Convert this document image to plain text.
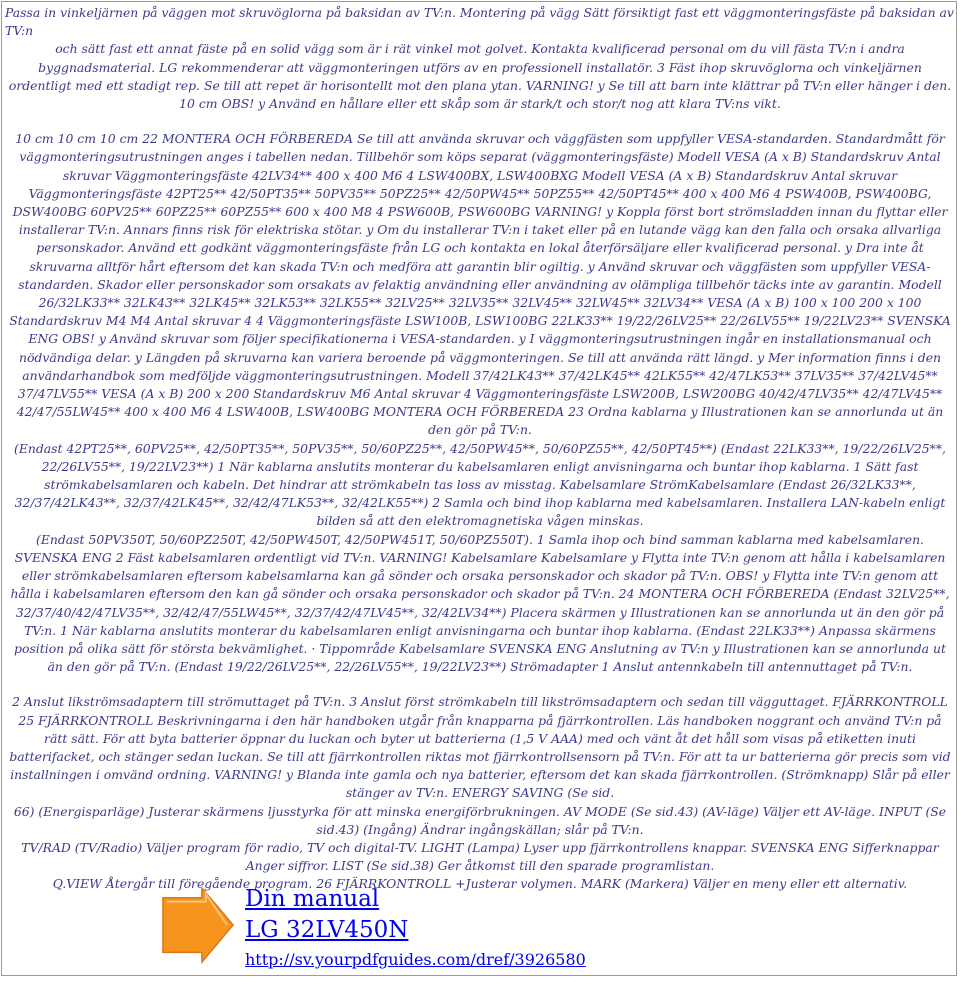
Passa in vinkeljärnen på väggen mot skruvöglorna på baksidan av TV:n. Montering på vägg Sätt försiktigt fast ett väggmonteringsfäste på baksidan av TV:n
och sätt fast ett annat fäste på en solid vägg som är i rät vinkel mot golvet. Kontakta kvalificerad personal om du vill fästa TV:n i andra byggnadsmaterial. LG rekommenderar att väggmonteringen utförs av en professionell installatör. 3 Fäst ihop skruvöglorna och vinkeljärnen ordentligt med ett stadigt rep. Se till att repet är horisontellt mot den plana ytan. VARNING! y Se till att barn inte klättrar på TV:n eller hänger i den. 10 cm OBS! y Använd en hållare eller ett skåp som är stark/t och stor/t nog att klara TV:ns vikt.
10 cm 10 cm 10 cm 22 MONTERA OCH FÖRBEREDA Se till att använda skruvar och väggfästen som uppfyller VESA-standarden. Standardmått för väggmonteringsutrustningen anges i tabellen nedan. Tillbehör som köps separat (väggmonteringsfäste) Modell VESA (A x B) Standardskruv Antal skruvar Väggmonteringsfäste 42LV34** 400 x 400 M6 4 LSW400BX, LSW400BXG Modell VESA (A x B) Standardskruv Antal skruvar Väggmonteringsfäste 42PT25** 42/50PT35** 50PV35** 50PZ25** 42/50PW45** 50PZ55** 42/50PT45** 400 x 400 M6 4 PSW400B, PSW400BG, DSW400BG 60PV25** 60PZ25** 60PZ55** 600 x 400 M8 4 PSW600B, PSW600BG VARNING! y Koppla först bort strömsladden innan du flyttar eller installerar TV:n. Annars finns risk för elektriska stötar. y Om du installerar TV:n i taket eller på en lutande vägg kan den falla och orsaka allvarliga personskador. Använd ett godkänt väggmonteringsfäste från LG och kontakta en lokal återförsäljare eller kvalificerad personal. y Dra inte åt skruvarna alltför hårt eftersom det kan skada TV:n och medföra att garantin blir ogiltig. y Använd skruvar och väggfästen som uppfyller VESA-standarden. Skador eller personskador som orsakats av felaktig användning eller användning av olämpliga tillbehör täcks inte av garantin. Modell 26/32LK33** 32LK43** 32LK45** 32LK53** 32LK55** 32LV25** 32LV35** 32LV45** 32LW45** 32LV34** VESA (A x B) 100 x 100 200 x 100 Standardskruv M4 M4 Antal skruvar 4 4 Väggmonteringsfäste LSW100B, LSW100BG 22LK33** 19/22/26LV25** 22/26LV55** 19/22LV23** SVENSKA ENG OBS! y Använd skruvar som följer specifikationerna i VESA-standarden. y I väggmonteringsutrustningen ingår en installationsmanual och nödvändiga delar. y Längden på skruvarna kan variera beroende på väggmonteringen. Se till att använda rätt längd. y Mer information finns i den användarhandbok som medföljde väggmonteringsutrustningen. Modell 37/42LK43** 37/42LK45** 42LK55** 42/47LK53** 37LV35** 37/42LV45** 37/47LV55** VESA (A x B) 200 x 200 Standardskruv M6 Antal skruvar 4 Väggmonteringsfäste LSW200B, LSW200BG 40/42/47LV35** 42/47LV45** 42/47/55LW45** 400 x 400 M6 4 LSW400B, LSW400BG MONTERA OCH FÖRBEREDA 23 Ordna kablarna y Illustrationen kan se annorlunda ut än den gör på TV:n.
(Endast 42PT25**, 60PV25**, 42/50PT35**, 50PV35**, 50/60PZ25**, 42/50PW45**, 50/60PZ55**, 42/50PT45**) (Endast 22LK33**, 19/22/26LV25**, 22/26LV55**, 19/22LV23**) 1 När kablarna anslutits monterar du kabelsamlaren enligt anvisningarna och buntar ihop kablarna. 1 Sätt fast strömkabelsamlaren och kabeln. Det hindrar att strömkabeln tas loss av misstag. Kabelsamlare StrömKabelsamlare (Endast 26/32LK33**, 32/37/42LK43**, 32/37/42LK45**, 32/42/47LK53**, 32/42LK55**) 2 Samla och bind ihop kablarna med kabelsamlaren. Installera LAN-kabeln enligt bilden så att den elektromagnetiska vågen minskas.
(Endast 50PV350T, 50/60PZ250T, 42/50PW450T, 42/50PW451T, 50/60PZ550T). 1 Samla ihop och bind samman kablarna med kabelsamlaren. SVENSKA ENG 2 Fäst kabelsamlaren ordentligt vid TV:n. VARNING! Kabelsamlare Kabelsamlare y Flytta inte TV:n genom att hålla i kabelsamlaren eller strömkabelsamlaren eftersom kabelsamlarna kan gå sönder och orsaka personskador och skador på TV:n. OBS! y Flytta inte TV:n genom att hålla i kabelsamlaren eftersom den kan gå sönder och orsaka personskador och skador på TV:n. 24 MONTERA OCH FÖRBEREDA (Endast 32LV25**, 32/37/40/42/47LV35**, 32/42/47/55LW45**, 32/37/42/47LV45**, 32/42LV34**) Placera skärmen y Illustrationen kan se annorlunda ut än den gör på TV:n. 1 När kablarna anslutits monterar du kabelsamlaren enligt anvisningarna och buntar ihop kablarna. (Endast 22LK33**) Anpassa skärmens position på olika sätt för största bekvämlighet. · Tippområde Kabelsamlare SVENSKA ENG Anslutning av TV:n y Illustrationen kan se annorlunda ut än den gör på TV:n. (Endast 19/22/26LV25**, 22/26LV55**, 19/22LV23**) Strömadapter 1 Anslut antennkabeln till antennuttaget på TV:n.
2 Anslut likströmsadaptern till strömuttaget på TV:n. 3 Anslut först strömkabeln till likströmsadaptern och sedan till vägguttaget. FJÄRRKONTROLL 25 FJÄRRKONTROLL Beskrivningarna i den här handboken utgår från knapparna på fjärrkontrollen. Läs handboken noggrant och använd TV:n på rätt sätt. För att byta batterier öppnar du luckan och byter ut batterierna (1,5 V AAA) med och vänt åt det håll som visas på etiketten inuti batterifacket, och stänger sedan luckan. Se till att fjärrkontrollen riktas mot fjärrkontrollsensorn på TV:n. För att ta ur batterierna gör precis som vid installningen i omvänd ordning. VARNING! y Blanda inte gamla och nya batterier, eftersom det kan skada fjärrkontrollen. (Strömknapp) Slår på eller stänger av TV:n. ENERGY SAVING (Se sid.
66) (Energisparläge) Justerar skärmens ljusstyrka för att minska energiförbrukningen. AV MODE (Se sid.43) (AV-läge) Väljer ett AV-läge. INPUT (Se sid.43) (Ingång) Ändrar ingångskällan; slår på TV:n.
TV/RAD (TV/Radio) Väljer program för radio, TV och digital-TV. LIGHT (Lampa) Lyser upp fjärrkontrollens knappar. SVENSKA ENG Sifferknappar Anger siffror. LIST (Se sid.38) Ger åtkomst till den sparade programlistan.
Q.VIEW Återgår till föregående program. 26 FJÄRRKONTROLL +Justerar volymen. MARK (Markera) Väljer en meny eller ett alternativ.
Din manual
LG 32LV450N
http://sv.yourpdfguides.com/dref/3926580
